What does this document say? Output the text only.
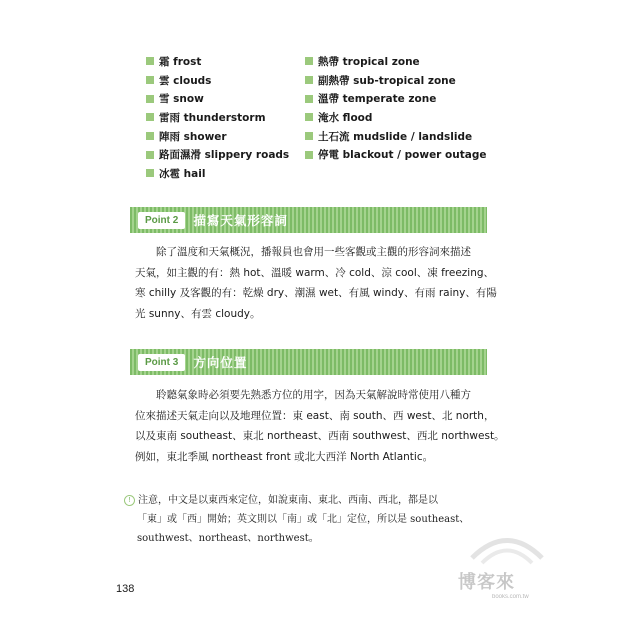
霜 frost
雲 clouds
雪 snow
雷雨 thunderstorm
陣雨 shower
路面濕滑 slippery roads
冰雹 hail
熱帶 tropical zone
副熱帶 sub-tropical zone
溫帶 temperate zone
淹水 flood
土石流 mudslide / landslide
停電 blackout / power outage
Point 2	描寫天氣形容詞

　　除了溫度和天氣概況，播報員也會用一些客觀或主觀的形容詞來描述
天氣，如主觀的有：熱 hot、溫暖 warm、冷 cold、涼 cool、凍 freezing、
寒 chilly 及客觀的有：乾燥 dry、潮濕 wet、有風 windy、有雨 rainy、有陽
光 sunny、有雲 cloudy。

Point 3	方向位置

　　聆聽氣象時必須要先熟悉方位的用字，因為天氣解說時常使用八種方
位來描述天氣走向以及地理位置：東 east、南 south、西 west、北 north，
以及東南 southeast、東北 northeast、西南 southwest、西北 northwest。
例如，東北季風 northeast front 或北大西洋 North Atlantic。

! 注意，中文是以東西來定位，如說東南、東北、西南、西北，都是以
「東」或「西」開始；英文則以「南」或「北」定位，所以是 southeast、
southwest、northeast、northwest。
138	博客來
books.com.tw
